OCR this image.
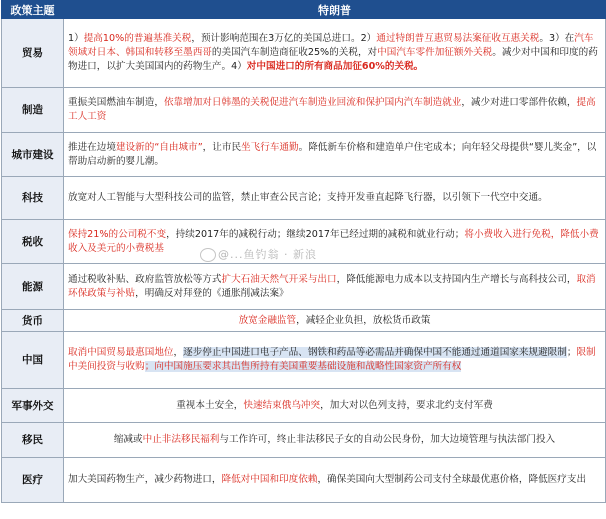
政策主题	特朗普
贸易	1）提高10%的普遍基准关税，预计影响范围在3万亿的美国总进口。2）通过特朗普互惠贸易法案征收互惠关税。3）在汽车领域对日本、韩国和转移至墨西哥的美国汽车制造商征收25%的关税，对中国汽车零件加征额外关税。减少对中国和印度的药物进口，以扩大美国国内的药物生产。4）对中国进口的所有商品加征60%的关税。
制造	重振美国燃油车制造，依靠增加对日韩墨的关税促进汽车制造业回流和保护国内汽车制造就业，减少对进口零部件依赖，提高工人工资
城市建设	推进在边境建设新的“自由城市”，让市民坐飞行车通勤。降低新车价格和建造单户住宅成本；向年轻父母提供“婴儿奖金”，以帮助启动新的婴儿潮。
科技	放宽对人工智能与大型科技公司的监管，禁止审查公民言论；支持开发垂直起降飞行器，以引领下一代空中交通。
税收	保持21%的公司税不变，持续2017年的减税行动；继续2017年已经过期的减税和就业行动；将小费收入进行免税，降低小费收入及美元的小费税基
能源	通过税收补贴、政府监管放松等方式扩大石油天然气开采与出口，降低能源电力成本以支持国内生产增长与高科技公司，取消环保政策与补贴，明确反对拜登的《通胀削减法案》
货币	放宽金融监管，减轻企业负担，放松货币政策
中国	取消中国贸易最惠国地位，逐步停止中国进口电子产品、钢铁和药品等必需品并确保中国不能通过通道国家来规避限制；限制中美间投资与收购；向中国施压要求其出售所持有美国重要基础设施和战略性国家资产所有权
军事外交	重视本土安全，快速结束俄乌冲突，加大对以色列支持，要求北约支付军费
移民	缩减或中止非法移民福利与工作许可，终止非法移民子女的自动公民身份，加大边境管理与执法部门投入
医疗	加大美国药物生产，减少药物进口，降低对中国和印度依赖，确保美国向大型制药公司支付全球最优惠价格，降低医疗支出
@...鱼钓翁 · 新浪
